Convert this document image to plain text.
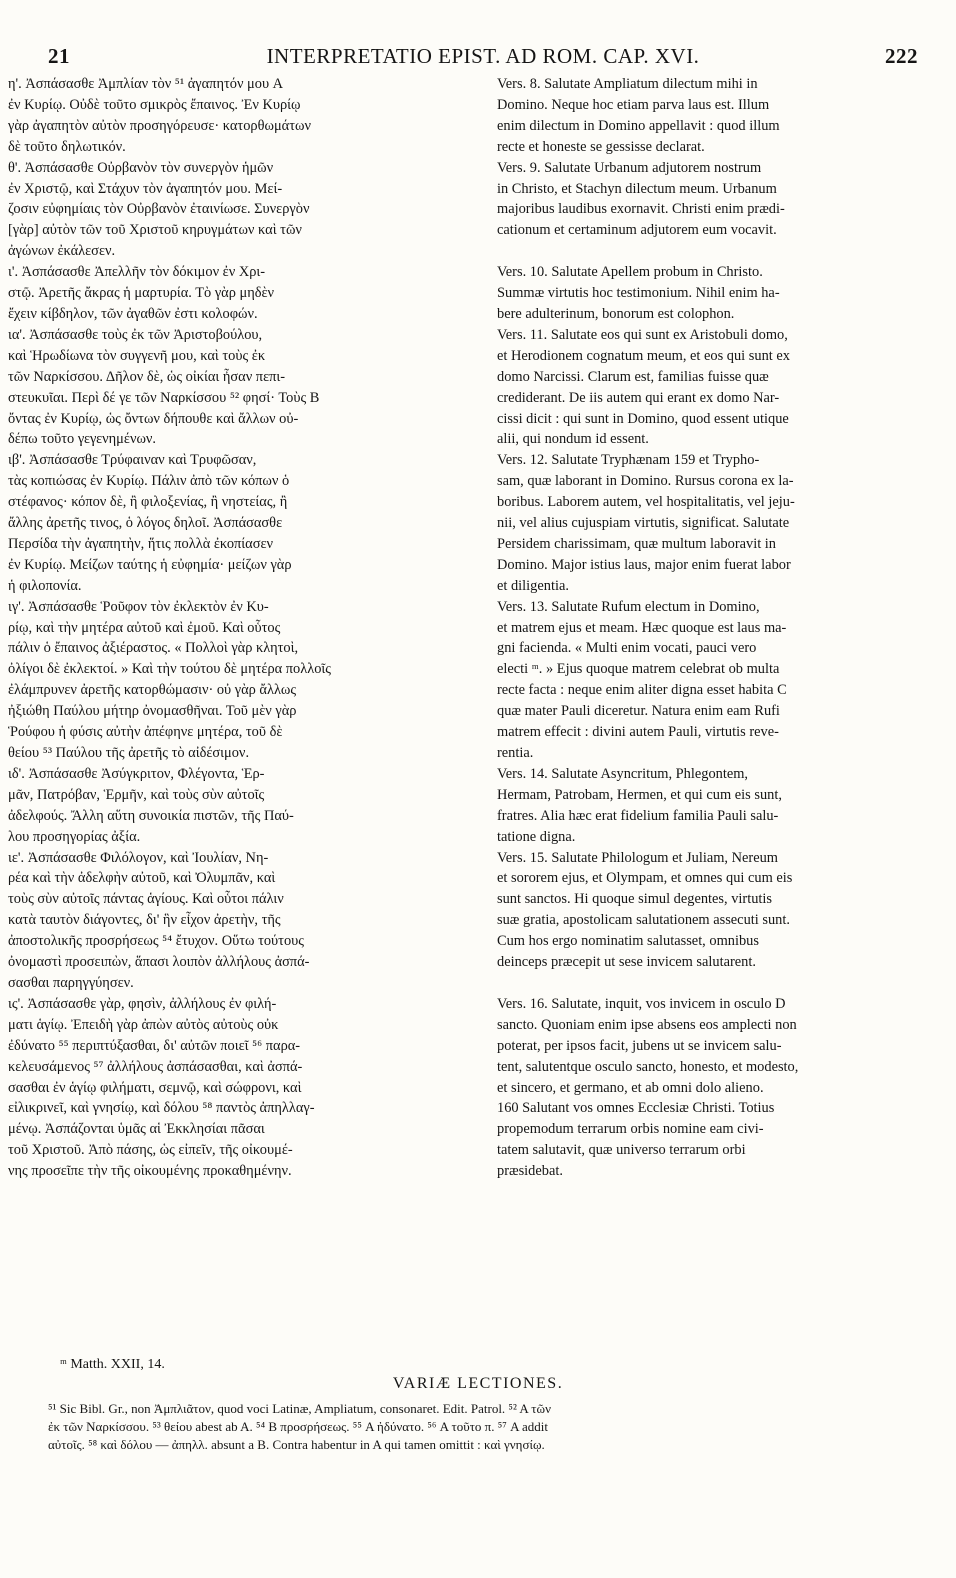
21	INTERPRETATIO EPIST. AD ROM. CAP. XVI.	222

η'. Ἀσπάσασθε Ἀμπλίαν τὸν ⁵¹ ἀγαπητόν μου A

ἐν Κυρίῳ. Οὐδὲ τοῦτο σμικρὸς ἔπαινος. Ἐν Κυρίῳ

γὰρ ἀγαπητὸν αὐτὸν προσηγόρευσε· κατορθωμάτων

δὲ τοῦτο δηλωτικόν.

θ'. Ἀσπάσασθε Οὐρβανὸν τὸν συνεργὸν ἡμῶν

ἐν Χριστῷ, καὶ Στάχυν τὸν ἀγαπητόν μου. Μεί-

ζοσιν εὐφημίαις τὸν Οὐρβανὸν ἐταινίωσε. Συνεργὸν

[γὰρ] αὐτὸν τῶν τοῦ Χριστοῦ κηρυγμάτων καὶ τῶν

ἀγώνων ἐκάλεσεν.

ι'. Ἀσπάσασθε Ἀπελλῆν τὸν δόκιμον ἐν Χρι-

στῷ. Ἀρετῆς ἄκρας ἡ μαρτυρία. Τὸ γὰρ μηδὲν

ἔχειν κίβδηλον, τῶν ἀγαθῶν ἐστι κολοφών.

ια'. Ἀσπάσασθε τοὺς ἐκ τῶν Ἀριστοβούλου,

καὶ Ἡρωδίωνα τὸν συγγενῆ μου, καὶ τοὺς ἐκ

τῶν Ναρκίσσου. Δῆλον δὲ, ὡς οἰκίαι ἦσαν πεπι-

στευκυῖαι. Περὶ δέ γε τῶν Ναρκίσσου ⁵² φησί· Τοὺς B

ὄντας ἐν Κυρίῳ, ὡς ὄντων δήπουθε καὶ ἄλλων οὐ-

δέπω τοῦτο γεγενημένων.

ιβ'. Ἀσπάσασθε Τρύφαιναν καὶ Τρυφῶσαν,

τὰς κοπιώσας ἐν Κυρίῳ. Πάλιν ἀπὸ τῶν κόπων ὁ

στέφανος· κόπον δὲ, ἢ φιλοξενίας, ἢ νηστείας, ἢ

ἄλλης ἀρετῆς τινος, ὁ λόγος δηλοῖ. Ἀσπάσασθε

Περσίδα τὴν ἀγαπητὴν, ἥτις πολλὰ ἐκοπίασεν

ἐν Κυρίῳ. Μείζων ταύτης ἡ εὐφημία· μείζων γὰρ

ἡ φιλοπονία.

ιγ'. Ἀσπάσασθε Ῥοῦφον τὸν ἐκλεκτὸν ἐν Κυ-

ρίῳ, καὶ τὴν μητέρα αὐτοῦ καὶ ἐμοῦ. Καὶ οὗτος

πάλιν ὁ ἔπαινος ἀξιέραστος. « Πολλοὶ γὰρ κλητοὶ,

ὀλίγοι δὲ ἐκλεκτοί. » Καὶ τὴν τούτου δὲ μητέρα πολλοῖς

ἐλάμπρυνεν ἀρετῆς κατορθώμασιν· οὐ γὰρ ἄλλως

ἠξιώθη Παύλου μήτηρ ὀνομασθῆναι. Τοῦ μὲν γὰρ

Ῥούφου ἡ φύσις αὐτὴν ἀπέφηνε μητέρα, τοῦ δὲ

θείου ⁵³ Παύλου τῆς ἀρετῆς τὸ αἰδέσιμον.

ιδ'. Ἀσπάσασθε Ἀσύγκριτον, Φλέγοντα, Ἑρ-

μᾶν, Πατρόβαν, Ἑρμῆν, καὶ τοὺς σὺν αὐτοῖς

ἀδελφούς. Ἄλλη αὕτη συνοικία πιστῶν, τῆς Παύ-

λου προσηγορίας ἀξία.

ιε'. Ἀσπάσασθε Φιλόλογον, καὶ Ἰουλίαν, Νη-

ρέα καὶ τὴν ἀδελφὴν αὐτοῦ, καὶ Ὀλυμπᾶν, καὶ

τοὺς σὺν αὐτοῖς πάντας ἁγίους. Καὶ οὗτοι πάλιν

κατὰ ταυτὸν διάγοντες, δι' ἣν εἶχον ἀρετὴν, τῆς

ἀποστολικῆς προσρήσεως ⁵⁴ ἔτυχον. Οὕτω τούτους

ὀνομαστὶ προσειπὼν, ἅπασι λοιπὸν ἀλλήλους ἀσπά-

σασθαι παρηγγύησεν.

ις'. Ἀσπάσασθε γὰρ, φησὶν, ἀλλήλους ἐν φιλή-

ματι ἁγίῳ. Ἐπειδὴ γὰρ ἀπὼν αὐτὸς αὐτοὺς οὐκ

ἐδύνατο ⁵⁵ περιπτύξασθαι, δι' αὐτῶν ποιεῖ ⁵⁶ παρα-

κελευσάμενος ⁵⁷ ἀλλήλους ἀσπάσασθαι, καὶ ἀσπά-

σασθαι ἐν ἁγίῳ φιλήματι, σεμνῷ, καὶ σώφρονι, καὶ

εἰλικρινεῖ, καὶ γνησίῳ, καὶ δόλου ⁵⁸ παντὸς ἀπηλλαγ-

μένῳ. Ἀσπάζονται ὑμᾶς αἱ Ἐκκλησίαι πᾶσαι

τοῦ Χριστοῦ. Ἀπὸ πάσης, ὡς εἰπεῖν, τῆς οἰκουμέ-

νης προσεῖπε τὴν τῆς οἰκουμένης προκαθημένην.

Vers. 8. Salutate Ampliatum dilectum mihi in

Domino. Neque hoc etiam parva laus est. Illum

enim dilectum in Domino appellavit : quod illum

recte et honeste se gessisse declarat.

Vers. 9. Salutate Urbanum adjutorem nostrum

in Christo, et Stachyn dilectum meum. Urbanum

majoribus laudibus exornavit. Christi enim prædi-

cationum et certaminum adjutorem eum vocavit.

Vers. 10. Salutate Apellem probum in Christo.

Summæ virtutis hoc testimonium. Nihil enim ha-

bere adulterinum, bonorum est colophon.

Vers. 11. Salutate eos qui sunt ex Aristobuli domo,

et Herodionem cognatum meum, et eos qui sunt ex

domo Narcissi. Clarum est, familias fuisse quæ

crediderant. De iis autem qui erant ex domo Nar-

cissi dicit : qui sunt in Domino, quod essent utique

alii, qui nondum id essent.

Vers. 12. Salutate Tryphænam 159 et Trypho-

sam, quæ laborant in Domino. Rursus corona ex la-

boribus. Laborem autem, vel hospitalitatis, vel jeju-

nii, vel alius cujuspiam virtutis, significat. Salutate

Persidem charissimam, quæ multum laboravit in

Domino. Major istius laus, major enim fuerat labor

et diligentia.

Vers. 13. Salutate Rufum electum in Domino,

et matrem ejus et meam. Hæc quoque est laus ma-

gni facienda. « Multi enim vocati, pauci vero

electi ᵐ. » Ejus quoque matrem celebrat ob multa

recte facta : neque enim aliter digna esset habita C

quæ mater Pauli diceretur. Natura enim eam Rufi

matrem effecit : divini autem Pauli, virtutis reve-

rentia.

Vers. 14. Salutate Asyncritum, Phlegontem,

Hermam, Patrobam, Hermen, et qui cum eis sunt,

fratres. Alia hæc erat fidelium familia Pauli salu-

tatione digna.

Vers. 15. Salutate Philologum et Juliam, Nereum

et sororem ejus, et Olympam, et omnes qui cum eis

sunt sanctos. Hi quoque simul degentes, virtutis

suæ gratia, apostolicam salutationem assecuti sunt.

Cum hos ergo nominatim salutasset, omnibus

deinceps præcepit ut sese invicem salutarent.

Vers. 16. Salutate, inquit, vos invicem in osculo D

sancto. Quoniam enim ipse absens eos amplecti non

poterat, per ipsos facit, jubens ut se invicem salu-

tent, salutentque osculo sancto, honesto, et modesto,

et sincero, et germano, et ab omni dolo alieno.

160 Salutant vos omnes Ecclesiæ Christi. Totius

propemodum terrarum orbis nomine eam civi-

tatem salutavit, quæ universo terrarum orbi

præsidebat.

ᵐ Matth. XXII, 14.
VARIÆ LECTIONES.

⁵¹ Sic Bibl. Gr., non Ἀμπλιᾶτον, quod voci Latinæ, Ampliatum, consonaret. Edit. Patrol. ⁵² A τῶν

ἐκ τῶν Ναρκίσσου. ⁵³ θείου abest ab A. ⁵⁴ B προσρήσεως. ⁵⁵ A ἠδύνατο. ⁵⁶ A τοῦτο π. ⁵⁷ A addit

αὐτοῖς. ⁵⁸ καὶ δόλου — ἀπηλλ. absunt a B. Contra habentur in A qui tamen omittit : καὶ γνησίῳ.
